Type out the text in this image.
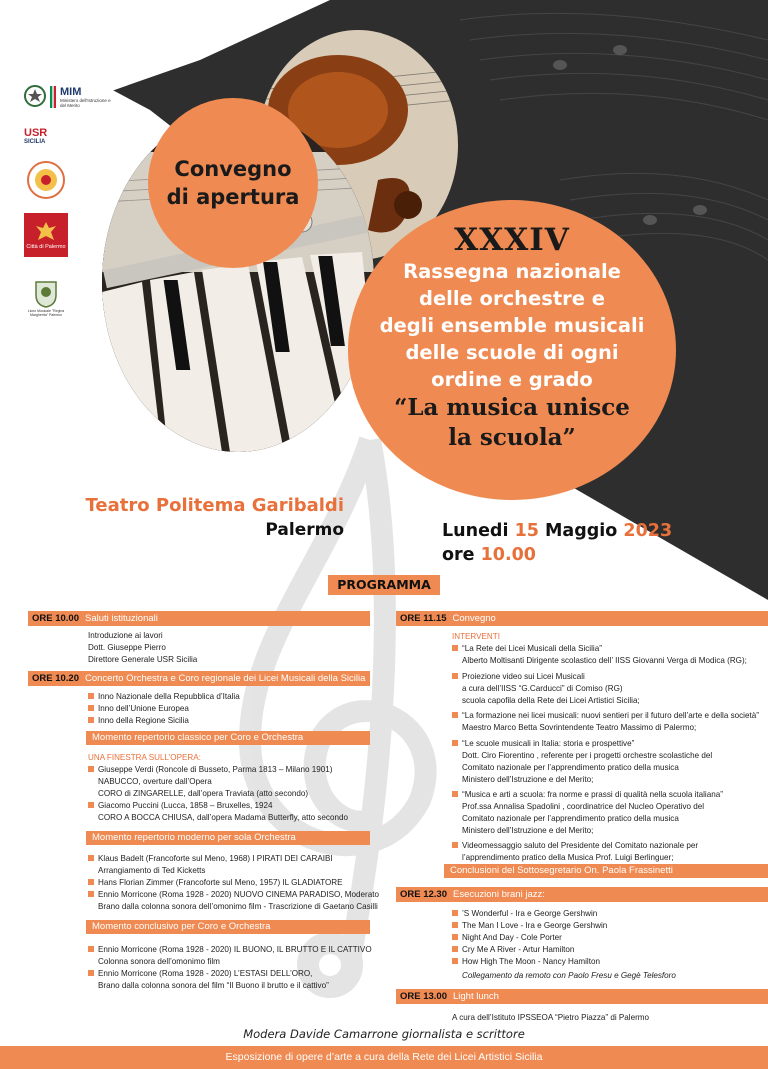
MIM
Ministero dell'Istruzione e del Merito
USR
SICILIA
Città di Palermo
Liceo Musicale "Regina Margherita" Palermo
Convegno
di apertura
XXXIV
Rassegna nazionale
delle orchestre e
degli ensemble musicali
delle scuole di ogni
ordine e grado
“La musica unisce
la scuola”
Teatro Politema Garibaldi
Palermo	Lunedi 15 Maggio 2023
ore 10.00
PROGRAMMA
ORE 10.00 Saluti istituzionali
Introduzione ai lavori
Dott. Giuseppe Pierro
Direttore Generale USR Sicilia
ORE 10.20 Concerto Orchestra e Coro regionale dei Licei Musicali della Sicilia
Inno Nazionale della Repubblica d’Italia
Inno dell’Unione Europea
Inno della Regione Sicilia
Momento repertorio classico per Coro e Orchestra
UNA FINESTRA SULL’OPERA:
Giuseppe Verdi (Roncole di Busseto, Parma 1813 – Milano 1901)
NABUCCO, overture dall’Opera
CORO di ZINGARELLE, dall’opera Traviata (atto secondo)
Giacomo Puccini (Lucca, 1858 – Bruxelles, 1924
CORO A BOCCA CHIUSA, dall’opera Madama Butterfly, atto secondo
Momento repertorio moderno per sola Orchestra
Klaus Badelt (Francoforte sul Meno, 1968) I PIRATI DEI CARAIBI
Arrangiamento di Ted Kicketts
Hans Florian Zimmer (Francoforte sul Meno, 1957) IL GLADIATORE
Ennio Morricone (Roma 1928 - 2020) NUOVO CINEMA PARADISO, Moderato
Brano dalla colonna sonora dell’omonimo film - Trascrizione di Gaetano Casilli
Momento conclusivo per Coro e Orchestra
Ennio Morricone (Roma 1928 - 2020) IL BUONO, IL BRUTTO E IL CATTIVO
Colonna sonora dell’omonimo film
Ennio Morricone (Roma 1928 - 2020) L’ESTASI DELL’ORO,
Brano dalla colonna sonora del film “Il Buono il brutto e il cattivo”
ORE 11.15 Convegno
INTERVENTI
“La Rete dei Licei Musicali della Sicilia”
Alberto Moltisanti Dirigente scolastico dell’ IISS Giovanni Verga di Modica (RG);
Proiezione video sui Licei Musicali
a cura dell’IISS “G.Carducci” di Comiso (RG)
scuola capofila della Rete dei Licei Artistici Sicilia;
“La formazione nei licei musicali: nuovi sentieri per il futuro dell’arte e della società”
Maestro Marco Betta Sovrintendente Teatro Massimo di Palermo;
“Le scuole musicali in Italia: storia e prospettive”
Dott. Ciro Fiorentino , referente per i progetti orchestre scolastiche del
Comitato nazionale per l’apprendimento pratico della musica
Ministero dell’Istruzione e del Merito;
“Musica e arti a scuola: fra norme e prassi di qualità nella scuola italiana”
Prof.ssa Annalisa Spadolini , coordinatrice del Nucleo Operativo del
Comitato nazionale per l’apprendimento pratico della musica
Ministero dell’Istruzione e del Merito;
Videomessaggio saluto del Presidente del Comitato nazionale per
l’apprendimento pratico della Musica Prof. Luigi Berlinguer;
Conclusioni del Sottosegretario On. Paola Frassinetti
ORE 12.30 Esecuzioni brani jazz:
’S Wonderful - Ira e George Gershwin
The Man I Love - Ira e George Gershwin
Night And Day - Cole Porter
Cry Me A River - Artur Hamilton
How High The Moon - Nancy Hamilton
Collegamento da remoto con Paolo Fresu e Gegè Telesforo
ORE 13.00 Light lunch
A cura dell’Istituto IPSSEOA “Pietro Piazza” di Palermo
Modera Davide Camarrone giornalista e scrittore
Esposizione di opere d’arte a cura della Rete dei Licei Artistici Sicilia
